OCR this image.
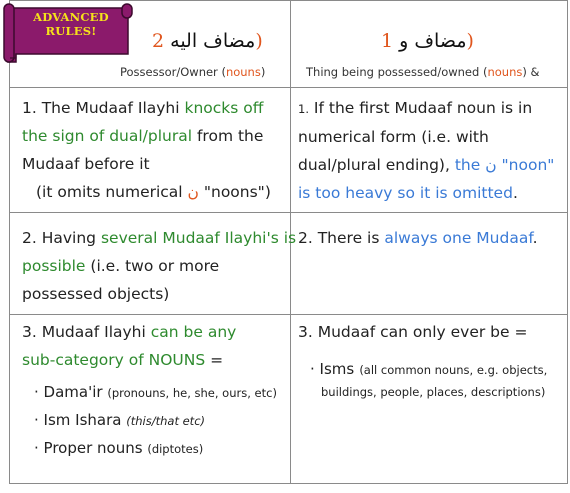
ADVANCED
RULES!	مضاف اليه 2)
Possessor/Owner (nouns)
مضاف و 1)
Thing being possessed/owned (nouns) &
1. The Mudaaf Ilayhi knocks off
the sign of dual/plural from the
Mudaaf before it
(it omits numerical ن "noons")
1. If the first Mudaaf noun is in
numerical form (i.e. with
dual/plural ending), the ن "noon"
is too heavy so it is omitted.
2. Having several Mudaaf Ilayhi's is
possible (i.e. two or more
possessed objects)
2. There is always one Mudaaf.
3. Mudaaf Ilayhi can be any
sub-category of NOUNS =
· Dama'ir (pronouns, he, she, ours, etc)
· Ism Ishara (this/that etc)
· Proper nouns (diptotes)
3. Mudaaf can only ever be =
· Isms (all common nouns, e.g. objects,
buildings, people, places, descriptions)
